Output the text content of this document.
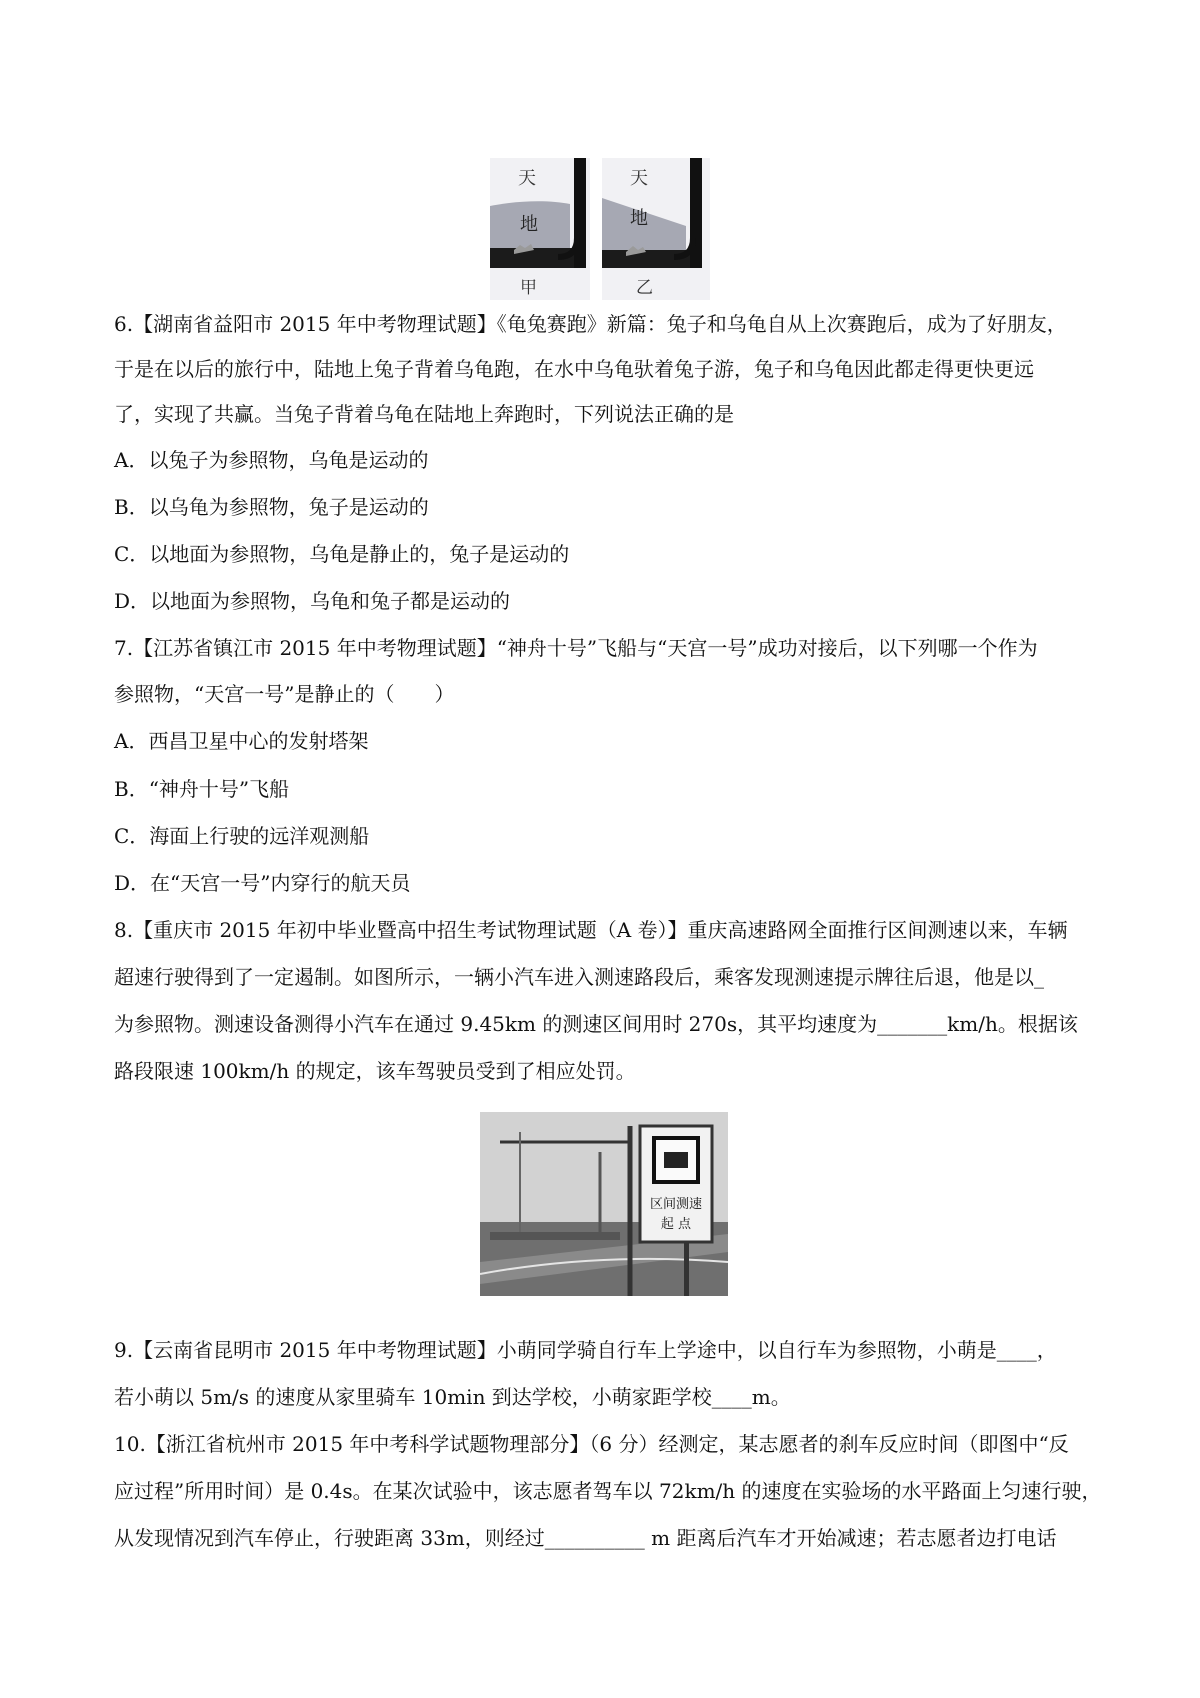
天
地
甲
天
地
乙
6.【湖南省益阳市 2015 年中考物理试题】《龟兔赛跑》新篇：兔子和乌龟自从上次赛跑后，成为了好朋友，
于是在以后的旅行中，陆地上兔子背着乌龟跑，在水中乌龟驮着兔子游，兔子和乌龟因此都走得更快更远
了，实现了共赢。当兔子背着乌龟在陆地上奔跑时，下列说法正确的是
A．以兔子为参照物，乌龟是运动的
B．以乌龟为参照物，兔子是运动的
C．以地面为参照物，乌龟是静止的，兔子是运动的
D．以地面为参照物，乌龟和兔子都是运动的
7.【江苏省镇江市 2015 年中考物理试题】“神舟十号”飞船与“天宫一号”成功对接后，以下列哪一个作为
参照物，“天宫一号”是静止的（　　）
A．西昌卫星中心的发射塔架
B．“神舟十号”飞船
C．海面上行驶的远洋观测船
D．在“天宫一号”内穿行的航天员
8.【重庆市 2015 年初中毕业暨高中招生考试物理试题（A 卷）】重庆高速路网全面推行区间测速以来，车辆
超速行驶得到了一定遏制。如图所示，一辆小汽车进入测速路段后，乘客发现测速提示牌往后退，他是以_
为参照物。测速设备测得小汽车在通过 9.45km 的测速区间用时 270s，其平均速度为_______km/h。根据该
路段限速 100km/h 的规定，该车驾驶员受到了相应处罚。
区间测速
起 点
9.【云南省昆明市 2015 年中考物理试题】小萌同学骑自行车上学途中，以自行车为参照物，小萌是____，
若小萌以 5m/s 的速度从家里骑车 10min 到达学校，小萌家距学校____m。
10.【浙江省杭州市 2015 年中考科学试题物理部分】（6 分）经测定，某志愿者的刹车反应时间（即图中“反
应过程”所用时间）是 0.4s。在某次试验中，该志愿者驾车以 72km/h 的速度在实验场的水平路面上匀速行驶，
从发现情况到汽车停止，行驶距离 33m，则经过__________ m 距离后汽车才开始减速；若志愿者边打电话
